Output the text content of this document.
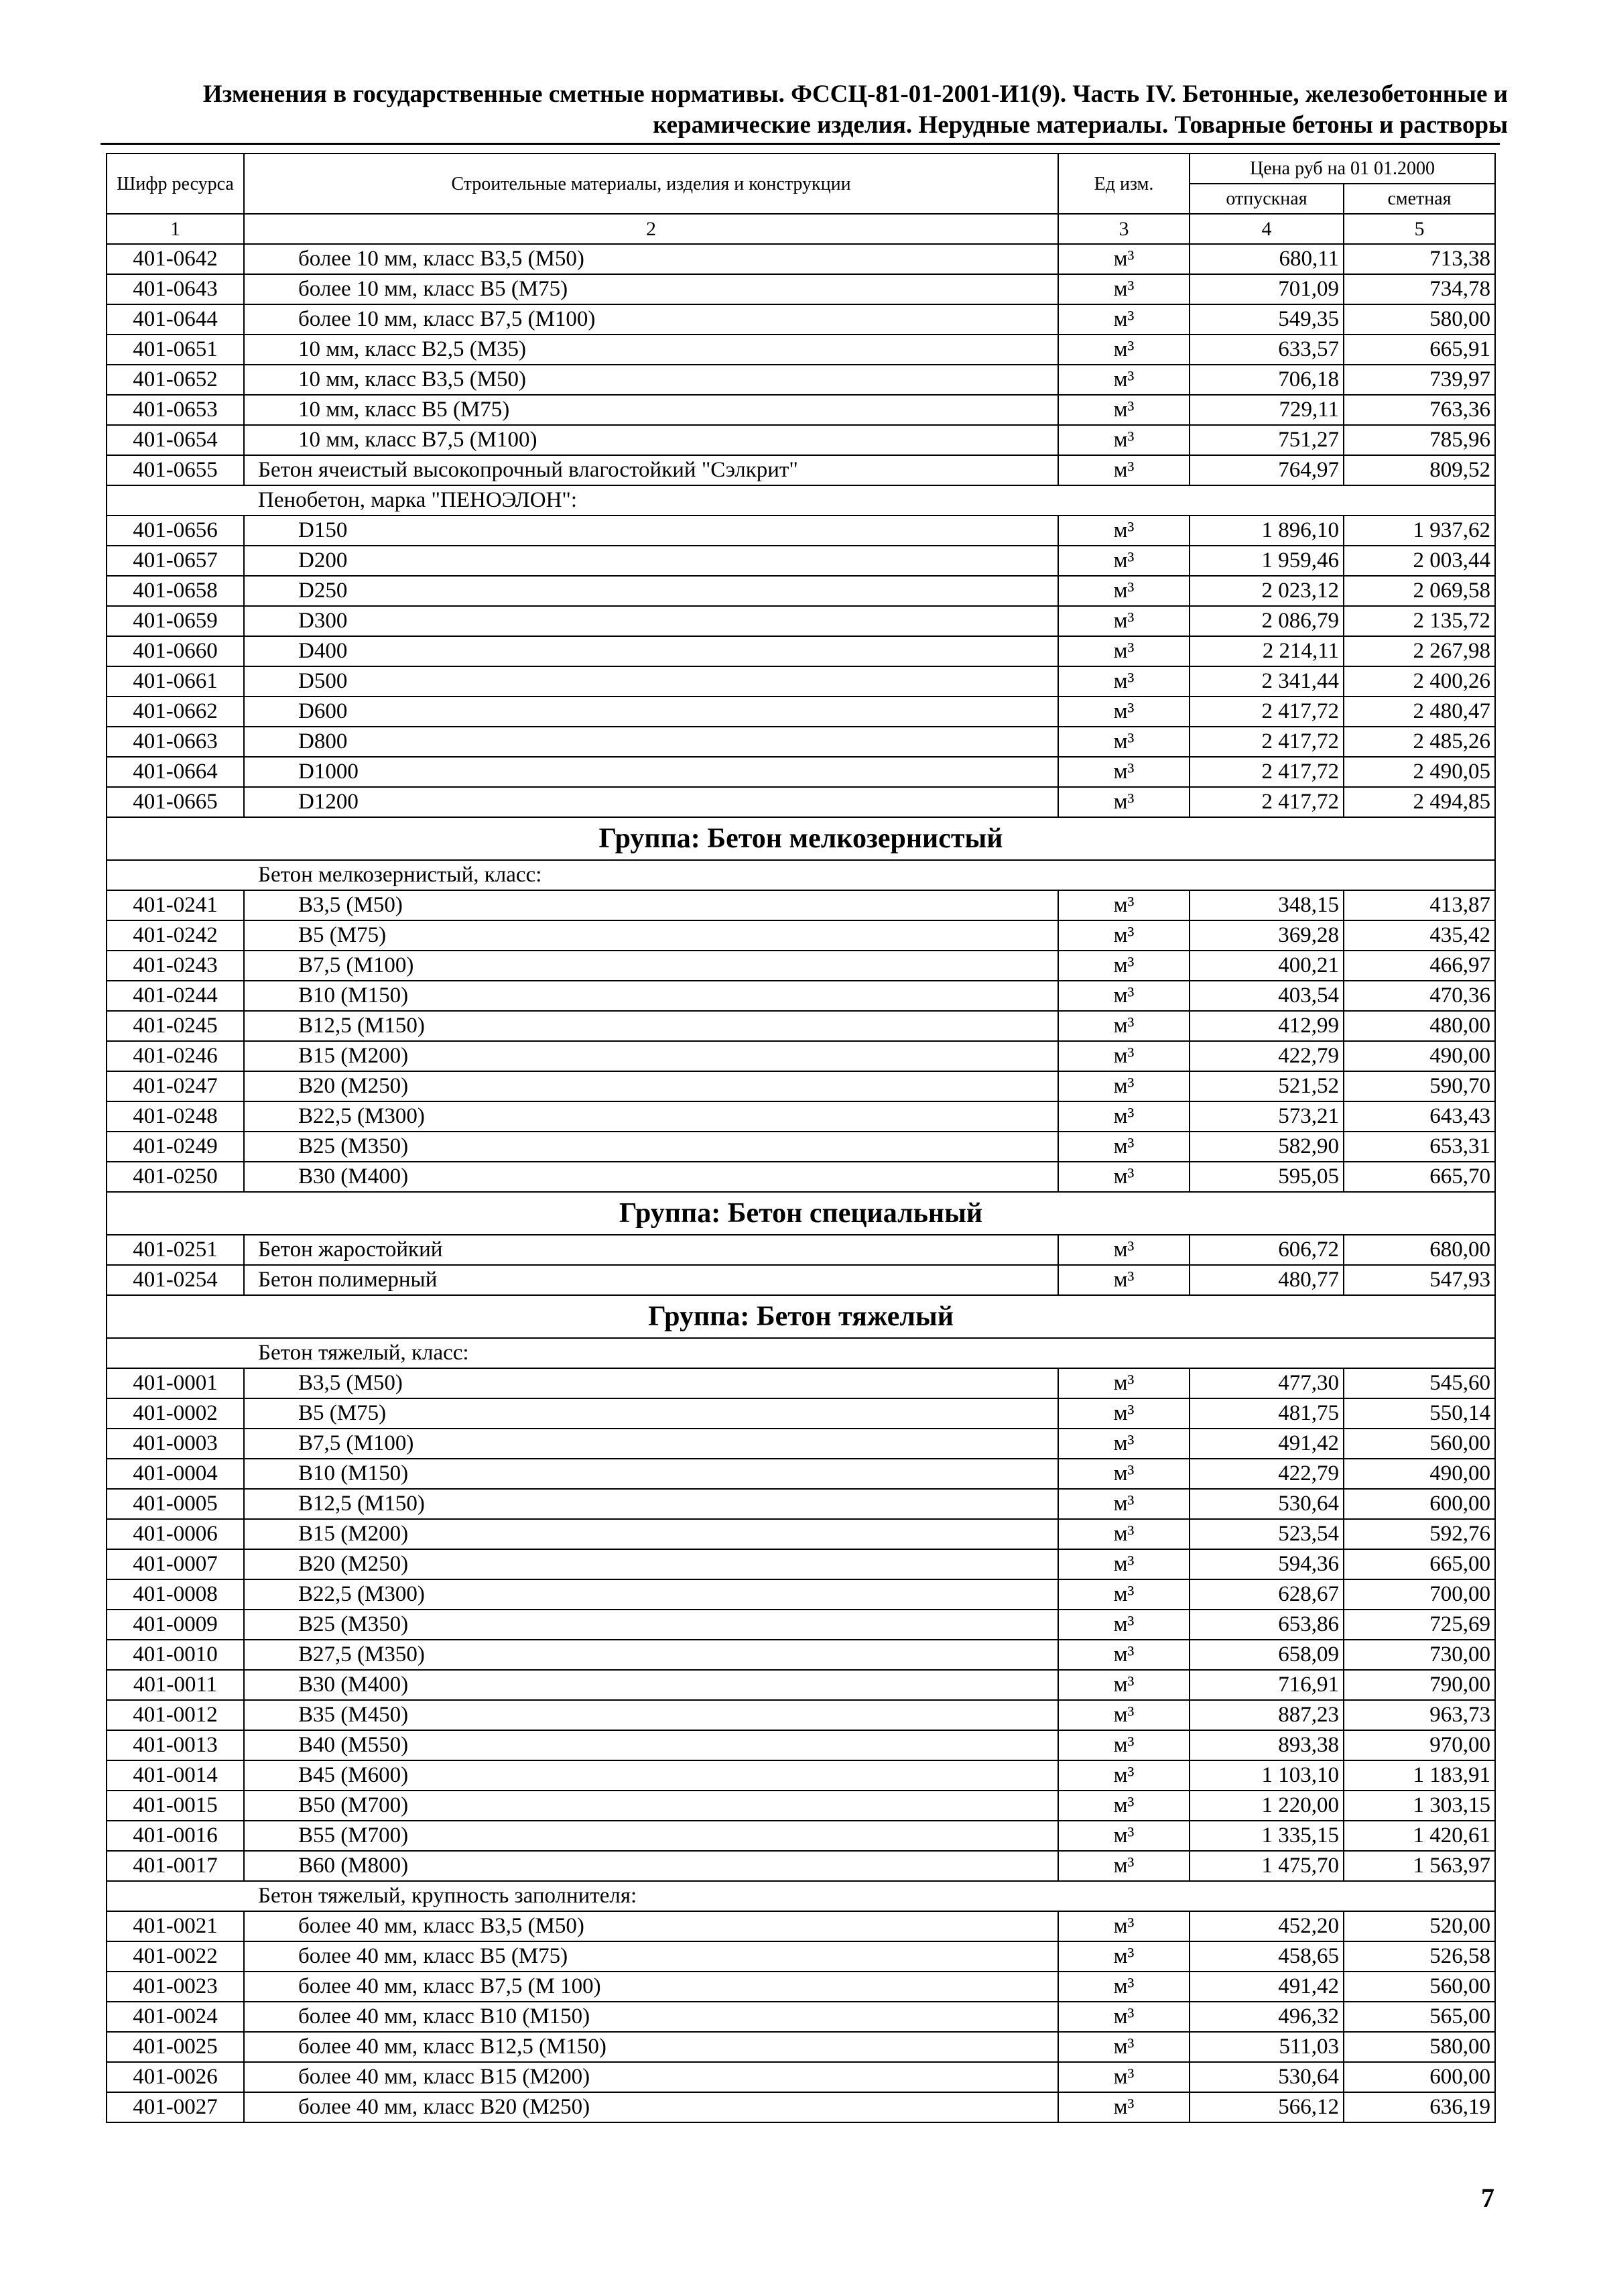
Изменения в государственные сметные нормативы. ФССЦ-81-01-2001-И1(9). Часть IV. Бетонные, железобетонные и
керамические изделия. Нерудные материалы. Товарные бетоны и растворы
Шифр ресурса	Строительные материалы, изделия и конструкции	Ед изм.	Цена руб на 01 01.2000	
			отпускная	сметная
1	2	3	4	5
401-0642	более 10 мм, класс В3,5 (М50)	м³	680,11	713,38
401-0643	более 10 мм, класс В5 (М75)	м³	701,09	734,78
401-0644	более 10 мм, класс В7,5 (М100)	м³	549,35	580,00
401-0651	10 мм, класс В2,5 (М35)	м³	633,57	665,91
401-0652	10 мм, класс В3,5 (М50)	м³	706,18	739,97
401-0653	10 мм, класс В5 (М75)	м³	729,11	763,36
401-0654	10 мм, класс В7,5 (М100)	м³	751,27	785,96
401-0655	Бетон ячеистый высокопрочный влагостойкий "Сэлкрит"	м³	764,97	809,52
Пенобетон, марка "ПЕНОЭЛОН":				
401-0656	D150	м³	1 896,10	1 937,62
401-0657	D200	м³	1 959,46	2 003,44
401-0658	D250	м³	2 023,12	2 069,58
401-0659	D300	м³	2 086,79	2 135,72
401-0660	D400	м³	2 214,11	2 267,98
401-0661	D500	м³	2 341,44	2 400,26
401-0662	D600	м³	2 417,72	2 480,47
401-0663	D800	м³	2 417,72	2 485,26
401-0664	D1000	м³	2 417,72	2 490,05
401-0665	D1200	м³	2 417,72	2 494,85
Группа: Бетон мелкозернистый				
Бетон мелкозернистый, класс:				
401-0241	В3,5 (М50)	м³	348,15	413,87
401-0242	В5 (М75)	м³	369,28	435,42
401-0243	В7,5 (М100)	м³	400,21	466,97
401-0244	В10 (М150)	м³	403,54	470,36
401-0245	В12,5 (М150)	м³	412,99	480,00
401-0246	В15 (М200)	м³	422,79	490,00
401-0247	В20 (М250)	м³	521,52	590,70
401-0248	В22,5 (М300)	м³	573,21	643,43
401-0249	В25 (М350)	м³	582,90	653,31
401-0250	В30 (М400)	м³	595,05	665,70
Группа: Бетон специальный				
401-0251	Бетон жаростойкий	м³	606,72	680,00
401-0254	Бетон полимерный	м³	480,77	547,93
Группа: Бетон тяжелый				
Бетон тяжелый, класс:				
401-0001	В3,5 (М50)	м³	477,30	545,60
401-0002	В5 (М75)	м³	481,75	550,14
401-0003	В7,5 (М100)	м³	491,42	560,00
401-0004	В10 (М150)	м³	422,79	490,00
401-0005	В12,5 (М150)	м³	530,64	600,00
401-0006	В15 (М200)	м³	523,54	592,76
401-0007	В20 (М250)	м³	594,36	665,00
401-0008	В22,5 (М300)	м³	628,67	700,00
401-0009	В25 (М350)	м³	653,86	725,69
401-0010	В27,5 (М350)	м³	658,09	730,00
401-0011	В30 (М400)	м³	716,91	790,00
401-0012	В35 (М450)	м³	887,23	963,73
401-0013	В40 (М550)	м³	893,38	970,00
401-0014	В45 (М600)	м³	1 103,10	1 183,91
401-0015	В50 (М700)	м³	1 220,00	1 303,15
401-0016	В55 (М700)	м³	1 335,15	1 420,61
401-0017	В60 (М800)	м³	1 475,70	1 563,97
Бетон тяжелый, крупность заполнителя:				
401-0021	более 40 мм, класс В3,5 (М50)	м³	452,20	520,00
401-0022	более 40 мм, класс В5 (М75)	м³	458,65	526,58
401-0023	более 40 мм, класс В7,5 (М 100)	м³	491,42	560,00
401-0024	более 40 мм, класс В10 (М150)	м³	496,32	565,00
401-0025	более 40 мм, класс В12,5 (М150)	м³	511,03	580,00
401-0026	более 40 мм, класс В15 (М200)	м³	530,64	600,00
401-0027	более 40 мм, класс В20 (М250)	м³	566,12	636,19
7
